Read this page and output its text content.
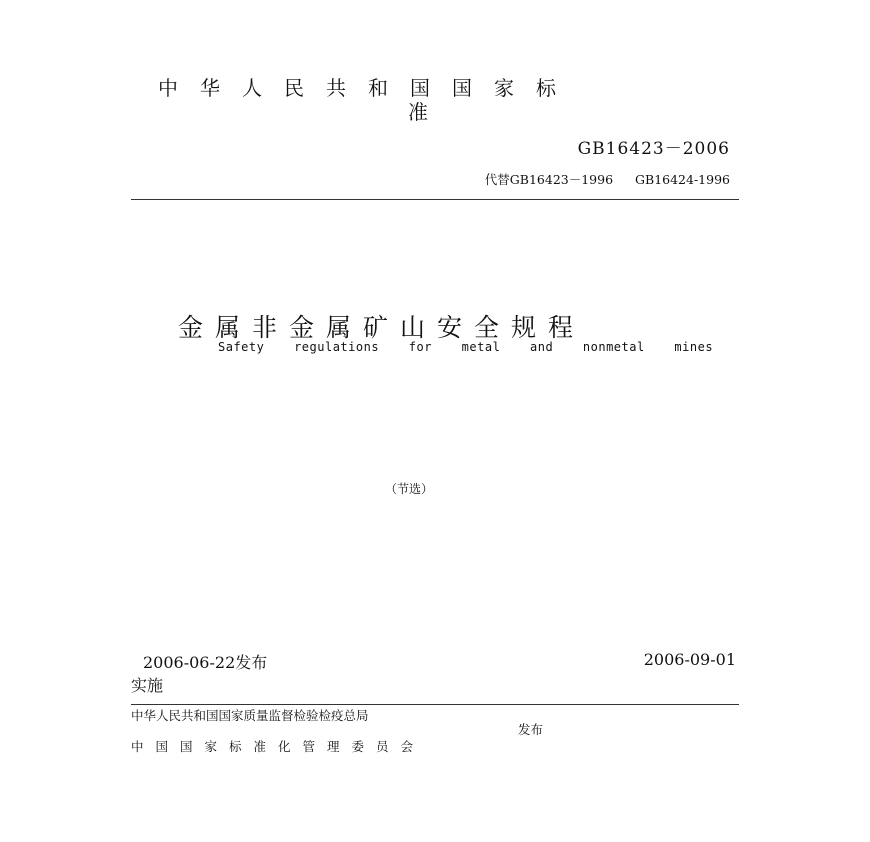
中华人民共和国国家标
准
GB16423－2006
代替GB16423－1996 GB16424-1996
金属非金属矿山安全规程
Safety regulations for metal and nonmetal mines
（节选）
2006-06-22发布	2006-09-01
实施
中华人民共和国国家质量监督检验检疫总局
发布
中国国家标准化管理委员会
